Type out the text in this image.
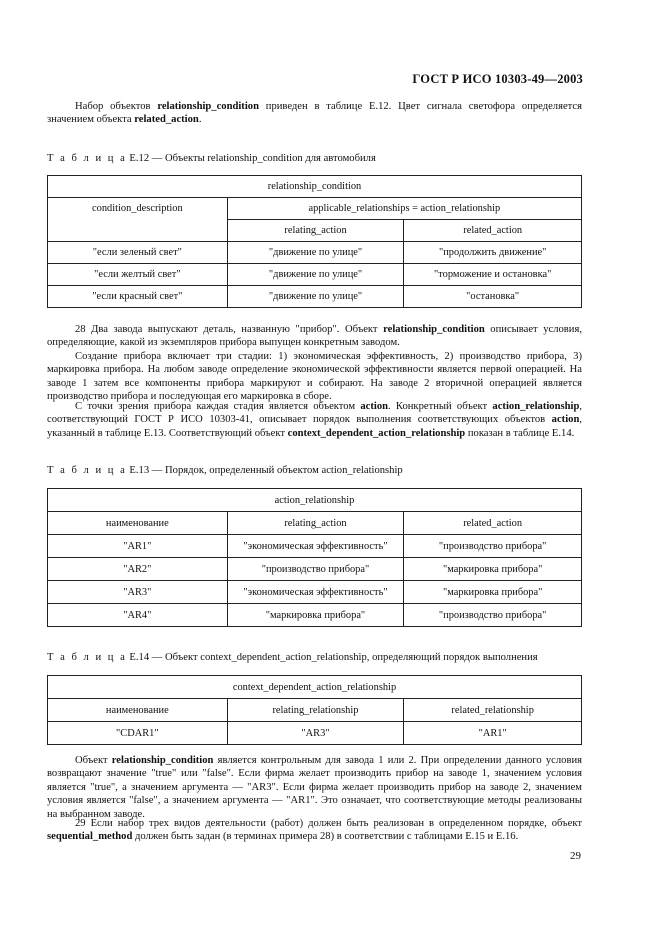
ГОСТ Р ИСО 10303-49—2003
Набор объектов relationship_condition приведен в таблице Е.12. Цвет сигнала светофора определяется значением объекта related_action.
Т а б л и ц а Е.12 — Объекты relationship_condition для автомобиля
relationship_condition		
condition_description	applicable_relationships = action_relationship	
	relating_action	related_action
"если зеленый свет"	"движение по улице"	"продолжить движение"
"если желтый свет"	"движение по улице"	"торможение и остановка"
"если красный свет"	"движение по улице"	"остановка"
28 Два завода выпускают деталь, названную "прибор". Объект relationship_condition описывает условия, определяющие, какой из экземпляров прибора выпущен конкретным заводом.
Создание прибора включает три стадии: 1) экономическая эффективность, 2) производство прибора, 3) маркировка прибора. На любом заводе определение экономической эффективности является первой операцией. На заводе 1 затем все компоненты прибора маркируют и собирают. На заводе 2 вторичной операцией является производство прибора и последующая его маркировка в сборе.
С точки зрения прибора каждая стадия является объектом action. Конкретный объект action_relationship, соответствующий ГОСТ Р ИСО 10303-41, описывает порядок выполнения соответствующих объектов action, указанный в таблице Е.13. Соответствующий объект context_dependent_action_relationship показан в таблице Е.14.
Т а б л и ц а Е.13 — Порядок, определенный объектом action_relationship
action_relationship		
наименование	relating_action	related_action
"AR1"	"экономическая эффективность"	"производство прибора"
"AR2"	"производство прибора"	"маркировка прибора"
"AR3"	"экономическая эффективность"	"маркировка прибора"
"AR4"	"маркировка прибора"	"производство прибора"
Т а б л и ц а Е.14 — Объект context_dependent_action_relationship, определяющий порядок выполнения
context_dependent_action_relationship		
наименование	relating_relationship	related_relationship
"CDAR1"	"AR3"	"AR1"
Объект relationship_condition является контрольным для завода 1 или 2. При определении данного условия возвращают значение "true" или "false". Если фирма желает производить прибор на заводе 1, значением условия является "true", а значением аргумента — "AR3". Если фирма желает производить прибор на заводе 2, значением условия является "false", а значением аргумента — "AR1". Это означает, что соответствующие методы реализованы на выбранном заводе.
29 Если набор трех видов деятельности (работ) должен быть реализован в определенном порядке, объект sequential_method должен быть задан (в терминах примера 28) в соответствии с таблицами Е.15 и Е.16.
29
